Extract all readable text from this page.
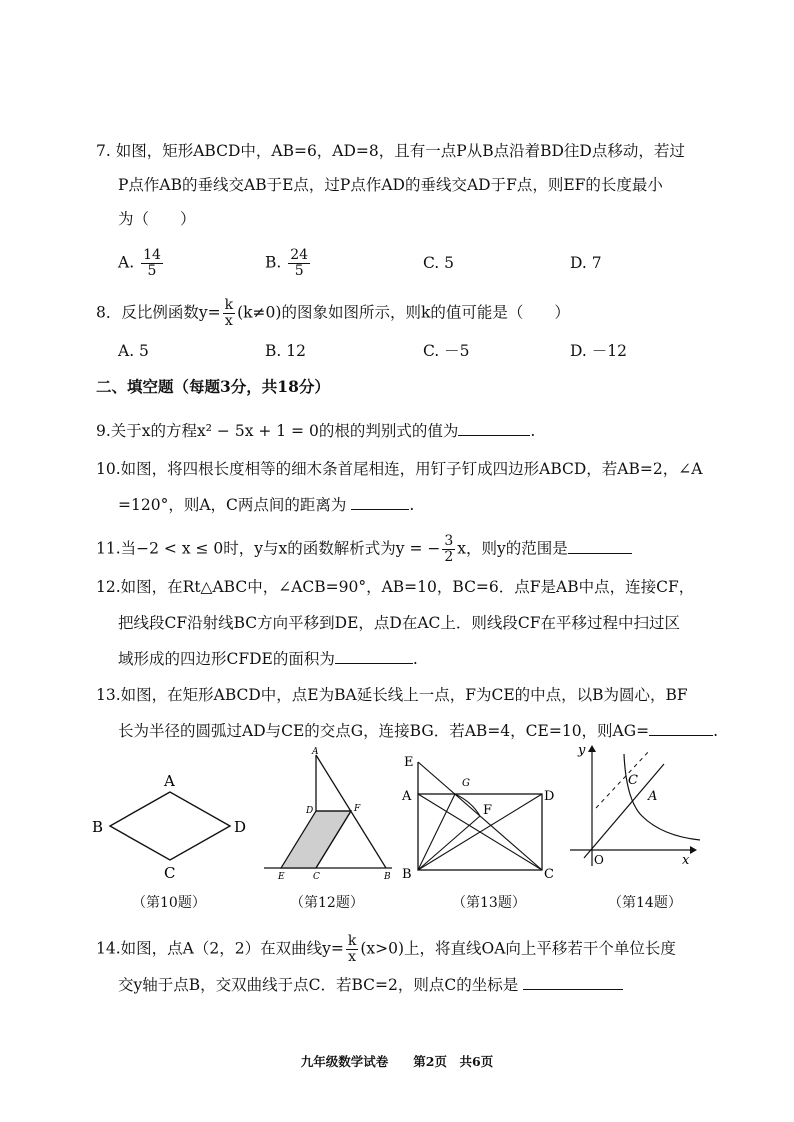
7. 如图，矩形ABCD中，AB=6，AD=8，且有一点P从B点沿着BD往D点移动，若过
P点作AB的垂线交AB于E点，过P点作AD的垂线交AD于F点，则EF的长度最小
为（　　）
A. $\frac{14}{5}$	B. $\frac{24}{5}$	C. 5	D. 7
8．反比例函数$y= \frac{k}{x} (k\ne 0)$的图象如图所示，则k的值可能是（　　）
A. 5	B. 12	C. －5	D. －12
二、填空题（每题3分，共18分）
9.关于x的方程x² − 5x + 1 = 0的根的判别式的值为	.
10.如图，将四根长度相等的细木条首尾相连，用钉子钉成四边形ABCD，若AB=2，∠A
=120°，则A，C两点间的距离为	.
11.当−2 < x ≤ 0时，y与x的函数解析式为y = − $\frac{3}{2}$ x，则y的范围是
12.如图，在Rt△ABC中，∠ACB=90°，AB=10，BC=6．点F是AB中点，连接CF，
把线段CF沿射线BC方向平移到DE，点D在AC上．则线段CF在平移过程中扫过区
域形成的四边形CFDE的面积为	.
13.如图，在矩形ABCD中，点E为BA延长线上一点，F为CE的中点，以B为圆心，BF
长为半径的圆弧过AD与CE的交点G，连接BG．若AB=4，CE=10，则AG=	.
A
B
C
D
（第10题）
A
D	F
E	C	B
（第12题）
E
A	D
F
G
B	C
（第13题）
y
C
A
O	x
（第14题）
14.如图，点A（2，2）在双曲线$y= \frac{k}{x} (x>0)$上，将直线OA向上平移若干个单位长度
交y轴于点B，交双曲线于点C．若BC=2，则点C的坐标是
九年级数学试卷　　第2页　共6页
